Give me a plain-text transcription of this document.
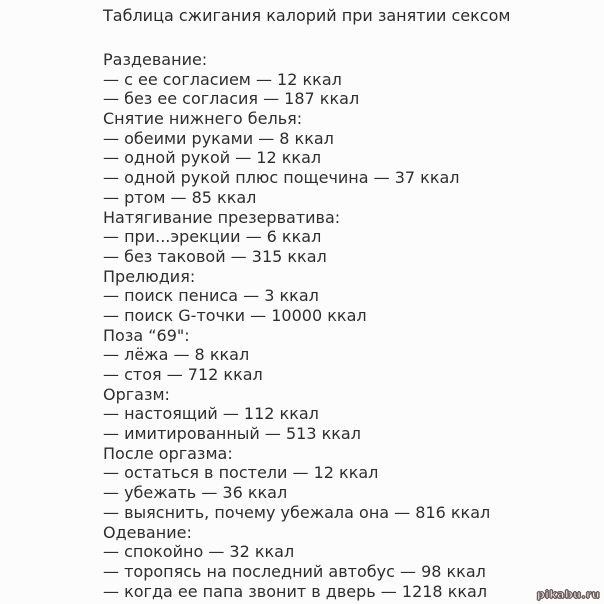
Таблица сжигания калорий при занятии сексом
Раздевание:
— с ее согласием — 12 ккал
— без ее согласия — 187 ккал
Снятие нижнего белья:
— обеими руками — 8 ккал
— одной рукой — 12 ккал
— одной рукой плюс пощечина — 37 ккал
— ртом — 85 ккал
Натягивание презерватива:
— при...эрекции — 6 ккал
— без таковой — 315 ккал
Прелюдия:
— поиск пениса — 3 ккал
— поиск G-точки — 10000 ккал
Поза “69":
— лёжа — 8 ккал
— стоя — 712 ккал
Оргазм:
— настоящий — 112 ккал
— имитированный — 513 ккал
После оргазма:
— остаться в постели — 12 ккал
— убежать — 36 ккал
— выяснить, почему убежала она — 816 ккал
Одевание:
— спокойно — 32 ккал
— торопясь на последний автобус — 98 ккал
— когда ее папа звонит в дверь — 1218 ккал	pikabu.ru
